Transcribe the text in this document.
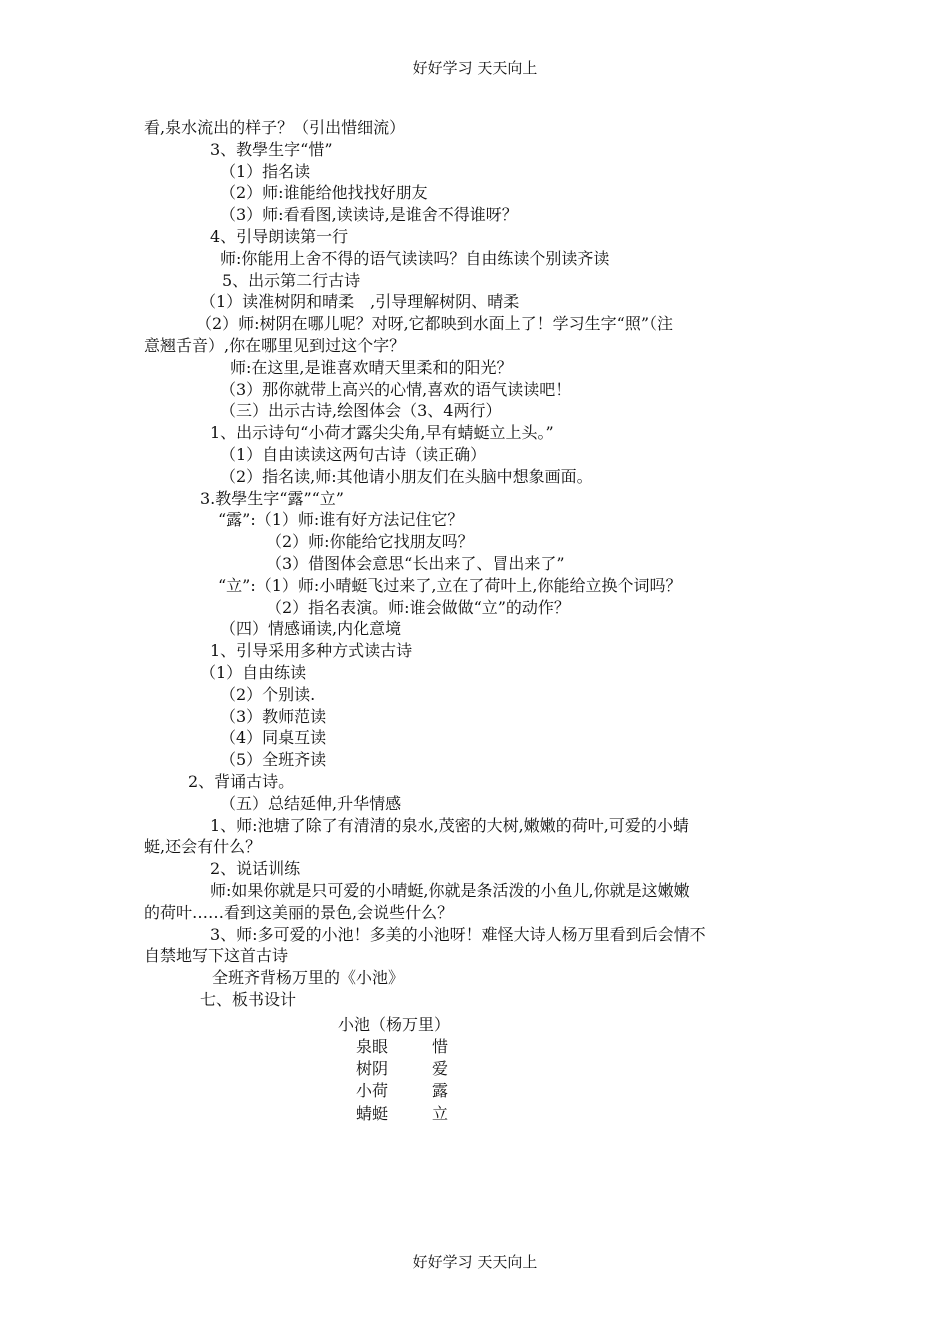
好好学习 天天向上
看,泉水流出的样子？（引出惜细流）
3、教學生字“惜”
（1）指名读
（2）师:谁能给他找找好朋友
（3）师:看看图,读读诗,是谁舍不得谁呀？
4、引导朗读第一行
师:你能用上舍不得的语气读读吗？自由练读个别读齐读
5、出示第二行古诗
（1）读准树阴和晴柔　,引导理解树阴、晴柔
（2）师:树阴在哪儿呢？对呀,它都映到水面上了！学习生字“照”（注
意翘舌音）,你在哪里见到过这个字？
师:在这里,是谁喜欢晴天里柔和的阳光？
（3）那你就带上高兴的心情,喜欢的语气读读吧！
（三）出示古诗,绘图体会（3、4两行）
1、出示诗句“小荷才露尖尖角,早有蜻蜓立上头。”
（1）自由读读这两句古诗（读正确）
（2）指名读,师:其他请小朋友们在头脑中想象画面。
3.教學生字“露”“立”
“露”:（1）师:谁有好方法记住它？
（2）师:你能给它找朋友吗？
（3）借图体会意思“长出来了、冒出来了”
“立”:（1）师:小晴蜓飞过来了,立在了荷叶上,你能给立换个词吗？
（2）指名表演。师:谁会做做“立”的动作？
（四）情感诵读,内化意境
1、引导采用多种方式读古诗
（1）自由练读
（2）个别读.
（3）教师范读
（4）同桌互读
（5）全班齐读
2、背诵古诗。
（五）总结延伸,升华情感
1、师:池塘了除了有清清的泉水,茂密的大树,嫩嫩的荷叶,可爱的小蜻
蜓,还会有什么？
2、说话训练
师:如果你就是只可爱的小晴蜓,你就是条活泼的小鱼儿,你就是这嫩嫩
的荷叶……看到这美丽的景色,会说些什么？
3、师:多可爱的小池！多美的小池呀！难怪大诗人杨万里看到后会情不
自禁地写下这首古诗
全班齐背杨万里的《小池》
七、板书设计
小池（杨万里）
泉眼	惜
树阴	爱
小荷	露
蜻蜓	立
好好学习 天天向上
